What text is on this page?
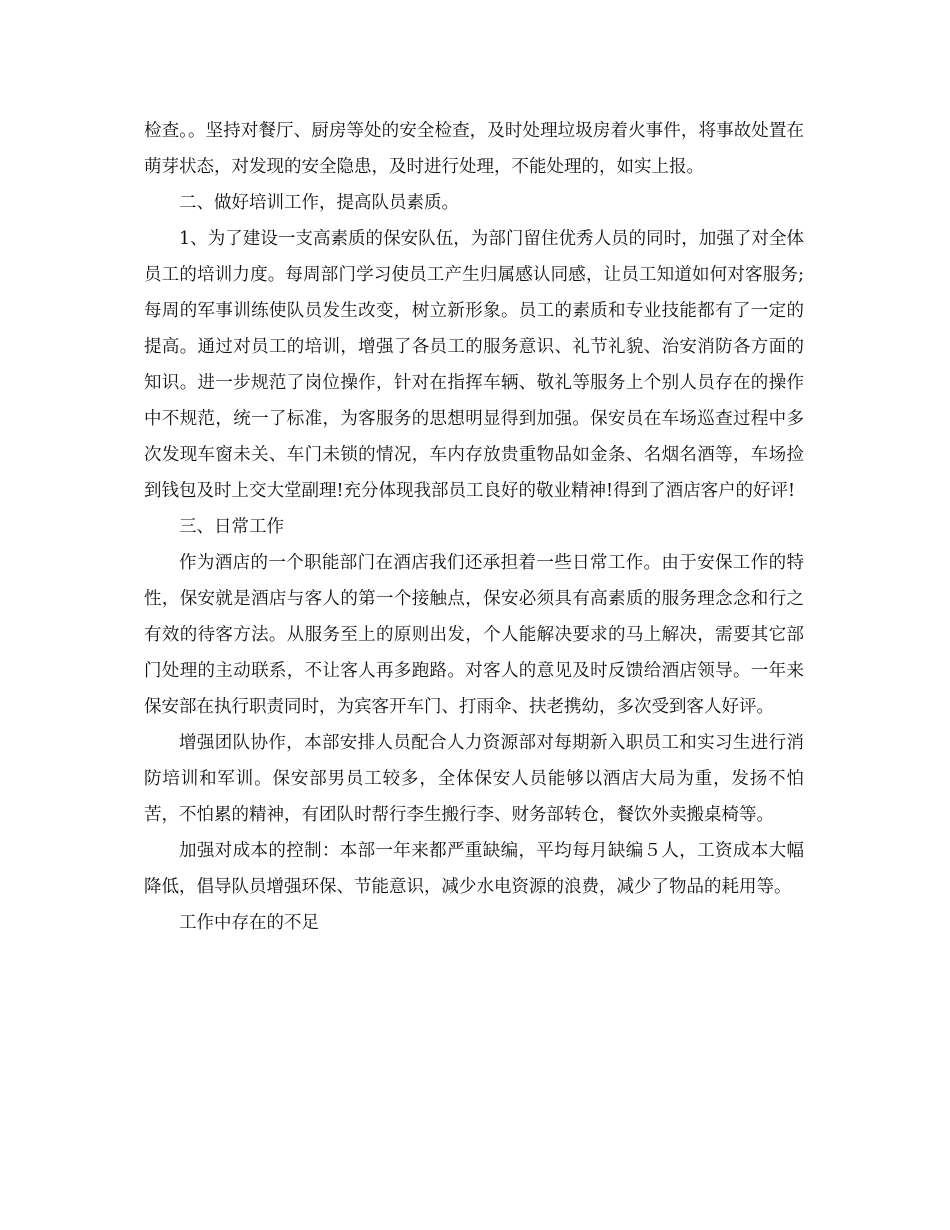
检查。。坚持对餐厅、厨房等处的安全检查，及时处理垃圾房着火事件，将事故处置在萌芽状态，对发现的安全隐患，及时进行处理，不能处理的，如实上报。

二、做好培训工作，提高队员素质。

1、为了建设一支高素质的保安队伍，为部门留住优秀人员的同时，加强了对全体员工的培训力度。每周部门学习使员工产生归属感认同感，让员工知道如何对客服务;每周的军事训练使队员发生改变，树立新形象。员工的素质和专业技能都有了一定的提高。通过对员工的培训，增强了各员工的服务意识、礼节礼貌、治安消防各方面的知识。进一步规范了岗位操作，针对在指挥车辆、敬礼等服务上个别人员存在的操作中不规范，统一了标准，为客服务的思想明显得到加强。保安员在车场巡查过程中多次发现车窗未关、车门未锁的情况，车内存放贵重物品如金条、名烟名酒等，车场捡到钱包及时上交大堂副理!充分体现我部员工良好的敬业精神!得到了酒店客户的好评!

三、日常工作

作为酒店的一个职能部门在酒店我们还承担着一些日常工作。由于安保工作的特性，保安就是酒店与客人的第一个接触点，保安必须具有高素质的服务理念念和行之有效的待客方法。从服务至上的原则出发，个人能解决要求的马上解决，需要其它部门处理的主动联系，不让客人再多跑路。对客人的意见及时反馈给酒店领导。一年来保安部在执行职责同时，为宾客开车门、打雨伞、扶老携幼，多次受到客人好评。

增强团队协作，本部安排人员配合人力资源部对每期新入职员工和实习生进行消防培训和军训。保安部男员工较多，全体保安人员能够以酒店大局为重，发扬不怕苦，不怕累的精神，有团队时帮行李生搬行李、财务部转仓，餐饮外卖搬桌椅等。

加强对成本的控制：本部一年来都严重缺编，平均每月缺编５人，工资成本大幅降低，倡导队员增强环保、节能意识，减少水电资源的浪费，减少了物品的耗用等。

工作中存在的不足
